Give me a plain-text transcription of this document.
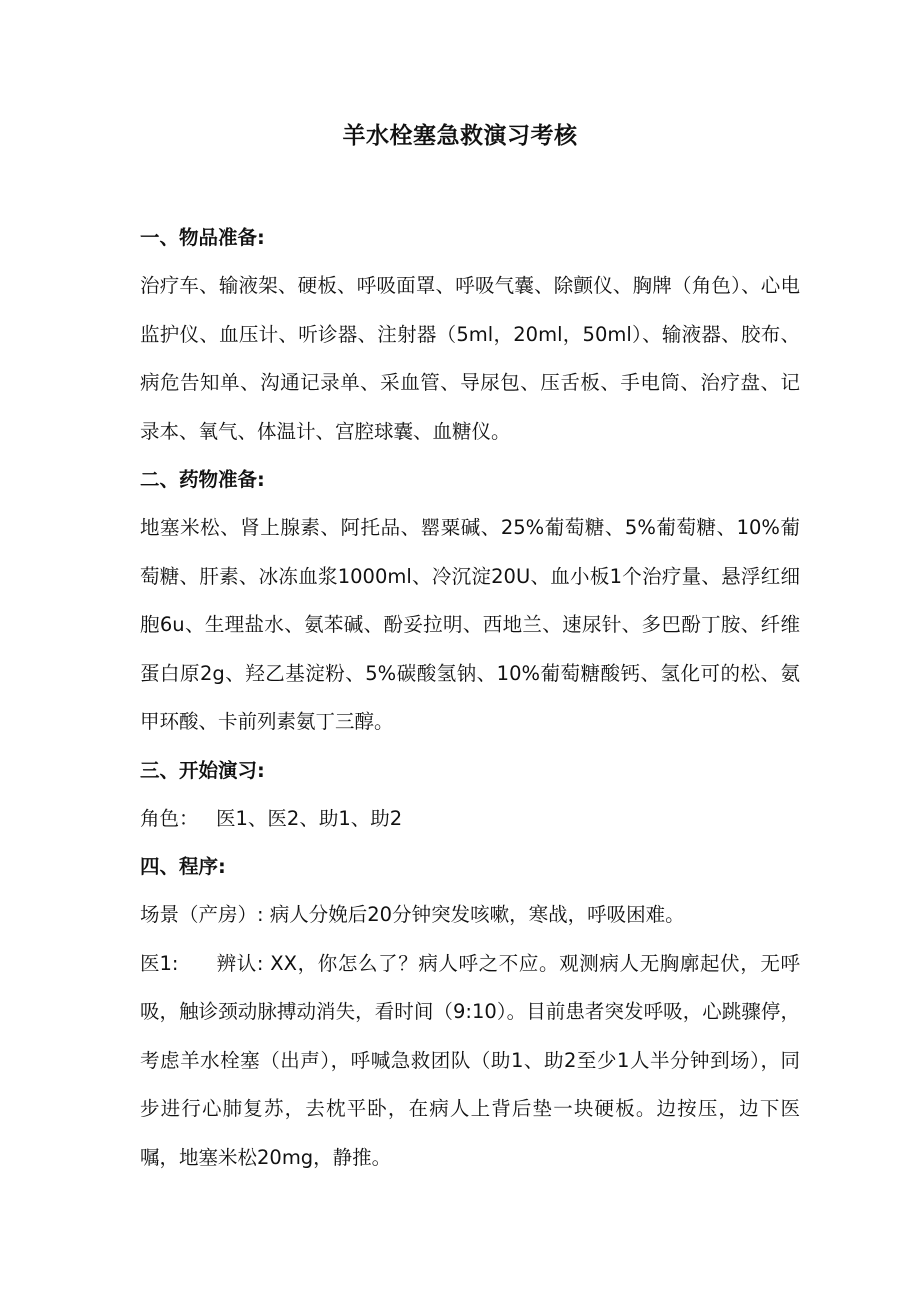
羊水栓塞急救演习考核

一、物品准备:

治疗车、输液架、硬板、呼吸面罩、呼吸气囊、除颤仪、胸牌（角色）、心电监护仪、血压计、听诊器、注射器（5ml，20ml，50ml）、输液器、胶布、病危告知单、沟通记录单、采血管、导尿包、压舌板、手电筒、治疗盘、记录本、氧气、体温计、宫腔球囊、血糖仪。

二、药物准备:

地塞米松、肾上腺素、阿托品、罂粟碱、25%葡萄糖、5%葡萄糖、10%葡萄糖、肝素、冰冻血浆1000ml、冷沉淀20U、血小板1个治疗量、悬浮红细胞6u、生理盐水、氨苯碱、酚妥拉明、西地兰、速尿针、多巴酚丁胺、纤维蛋白原2g、羟乙基淀粉、5%碳酸氢钠、10%葡萄糖酸钙、氢化可的松、氨甲环酸、卡前列素氨丁三醇。

三、开始演习:

角色： 医1、医2、助1、助2

四、程序:

场景（产房）: 病人分娩后20分钟突发咳嗽，寒战，呼吸困难。

医1: 辨认: XX，你怎么了？病人呼之不应。观测病人无胸廓起伏，无呼吸，触诊颈动脉搏动消失，看时间（9:10）。目前患者突发呼吸，心跳骤停，考虑羊水栓塞（出声），呼喊急救团队（助1、助2至少1人半分钟到场），同步进行心肺复苏，去枕平卧，在病人上背后垫一块硬板。边按压，边下医嘱，地塞米松20mg，静推。
